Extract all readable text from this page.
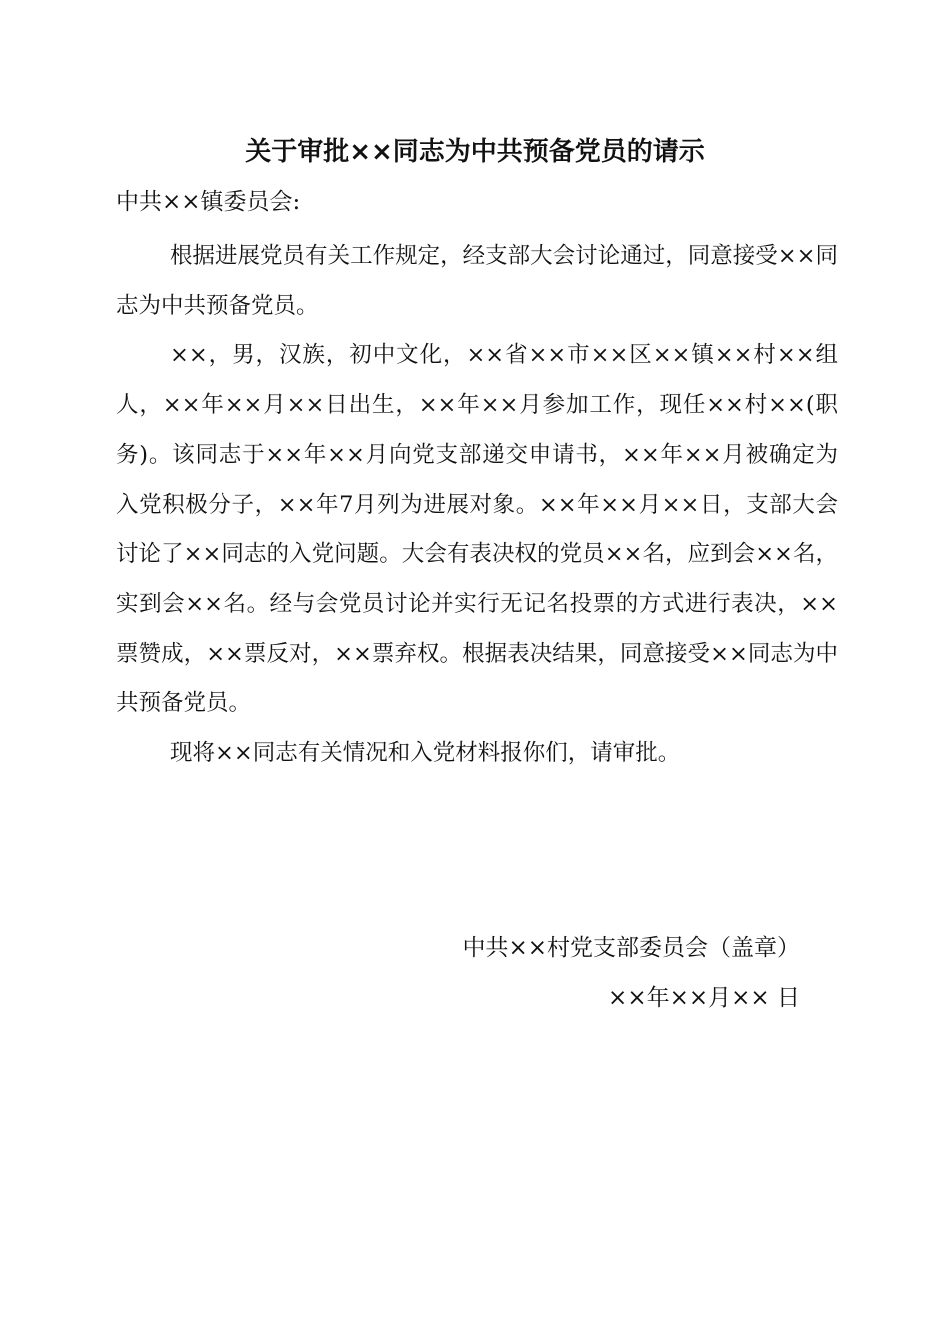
关于审批××同志为中共预备党员的请示
中共××镇委员会:

根据进展党员有关工作规定，经支部大会讨论通过，同意接受××同志为中共预备党员。

××，男，汉族，初中文化，××省××市××区××镇××村××组人，××年××月××日出生，××年××月参加工作，现任××村××(职务)。该同志于××年××月向党支部递交申请书，××年××月被确定为入党积极分子，××年7月列为进展对象。××年××月××日，支部大会讨论了××同志的入党问题。大会有表决权的党员××名，应到会××名，实到会××名。经与会党员讨论并实行无记名投票的方式进行表决，××票赞成，××票反对，××票弃权。根据表决结果，同意接受××同志为中共预备党员。

现将××同志有关情况和入党材料报你们，请审批。

中共××村党支部委员会（盖章）
××年××月×× 日
